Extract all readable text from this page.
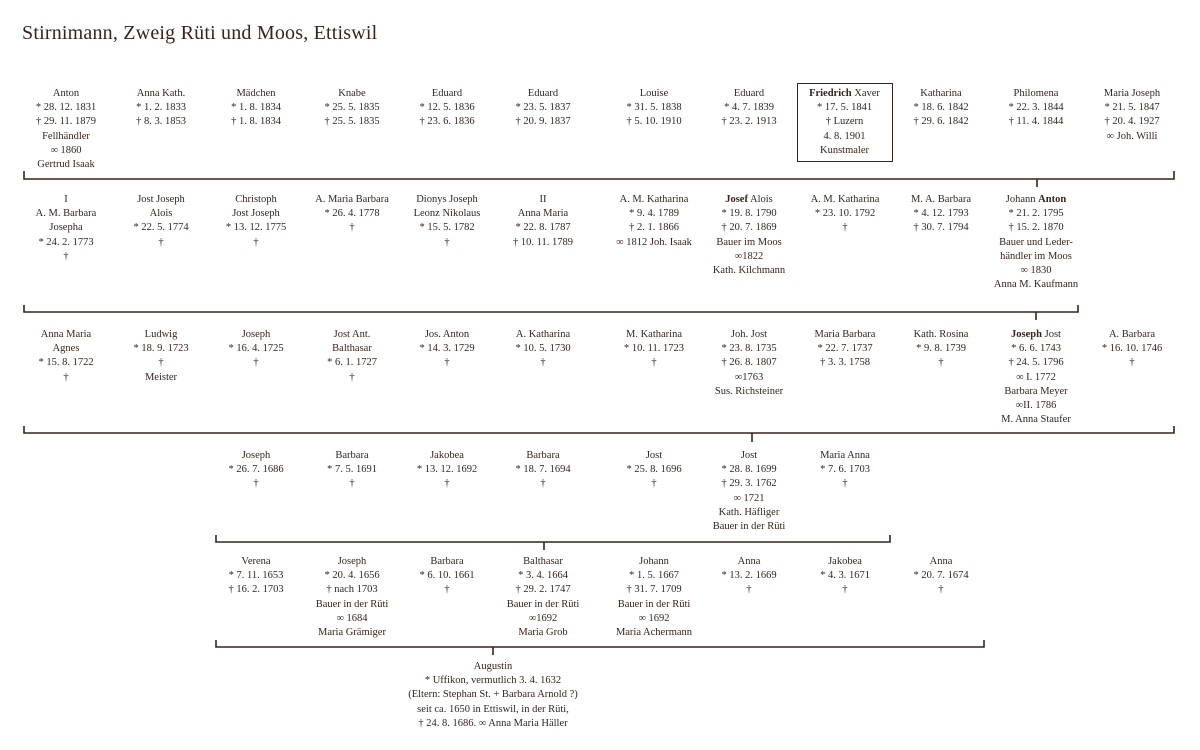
Stirnimann, Zweig Rüti und Moos, Ettiswil
Anton
* 28. 12. 1831
† 29. 11. 1879
Fellhändler
∞ 1860
Gertrud Isaak
Anna Kath.
* 1. 2. 1833
† 8. 3. 1853
Mädchen
* 1. 8. 1834
† 1. 8. 1834
Knabe
* 25. 5. 1835
† 25. 5. 1835
Eduard
* 12. 5. 1836
† 23. 6. 1836
Eduard
* 23. 5. 1837
† 20. 9. 1837
Louise
* 31. 5. 1838
† 5. 10. 1910
Eduard
* 4. 7. 1839
† 23. 2. 1913
Friedrich Xaver
* 17. 5. 1841
† Luzern
4. 8. 1901
Kunstmaler
Katharina
* 18. 6. 1842
† 29. 6. 1842
Philomena
* 22. 3. 1844
† 11. 4. 1844
Maria Joseph
* 21. 5. 1847
† 20. 4. 1927
∞ Joh. Willi
I
A. M. Barbara
Josepha
* 24. 2. 1773
†
Jost Joseph
Alois
* 22. 5. 1774
†
Christoph
Jost Joseph
* 13. 12. 1775
†
A. Maria Barbara
* 26. 4. 1778
†
Dionys Joseph
Leonz Nikolaus
* 15. 5. 1782
†
II
Anna Maria
* 22. 8. 1787
† 10. 11. 1789
A. M. Katharina
* 9. 4. 1789
† 2. 1. 1866
∞ 1812 Joh. Isaak
Josef Alois
* 19. 8. 1790
† 20. 7. 1869
Bauer im Moos
∞1822
Kath. Kilchmann
A. M. Katharina
* 23. 10. 1792
†
M. A. Barbara
* 4. 12. 1793
† 30. 7. 1794
Johann Anton
* 21. 2. 1795
† 15. 2. 1870
Bauer und Leder-
händler im Moos
∞ 1830
Anna M. Kaufmann
Anna Maria
Agnes
* 15. 8. 1722
†
Ludwig
* 18. 9. 1723
†
Meister
Joseph
* 16. 4. 1725
†
Jost Ant.
Balthasar
* 6. 1. 1727
†
Jos. Anton
* 14. 3. 1729
†
A. Katharina
* 10. 5. 1730
†
M. Katharina
* 10. 11. 1723
†
Joh. Jost
* 23. 8. 1735
† 26. 8. 1807
∞1763
Sus. Richsteiner
Maria Barbara
* 22. 7. 1737
† 3. 3. 1758
Kath. Rosina
* 9. 8. 1739
†
Joseph Jost
* 6. 6. 1743
† 24. 5. 1796
∞ I. 1772
Barbara Meyer
∞II. 1786
M. Anna Staufer
A. Barbara
* 16. 10. 1746
†
Joseph
* 26. 7. 1686
†
Barbara
* 7. 5. 1691
†
Jakobea
* 13. 12. 1692
†
Barbara
* 18. 7. 1694
†
Jost
* 25. 8. 1696
†
Jost
* 28. 8. 1699
† 29. 3. 1762
∞ 1721
Kath. Häfliger
Bauer in der Rüti
Maria Anna
* 7. 6. 1703
†
Verena
* 7. 11. 1653
† 16. 2. 1703
Joseph
* 20. 4. 1656
† nach 1703
Bauer in der Rüti
∞ 1684
Maria Grämiger
Barbara
* 6. 10. 1661
†
Balthasar
* 3. 4. 1664
† 29. 2. 1747
Bauer in der Rüti
∞1692
Maria Grob
Johann
* 1. 5. 1667
† 31. 7. 1709
Bauer in der Rüti
∞ 1692
Maria Achermann
Anna
* 13. 2. 1669
†
Jakobea
* 4. 3. 1671
†
Anna
* 20. 7. 1674
†
Augustin
* Uffikon, vermutlich 3. 4. 1632
(Eltern: Stephan St. + Barbara Arnold ?)
seit ca. 1650 in Ettiswil, in der Rüti,
† 24. 8. 1686. ∞ Anna Maria Häller
